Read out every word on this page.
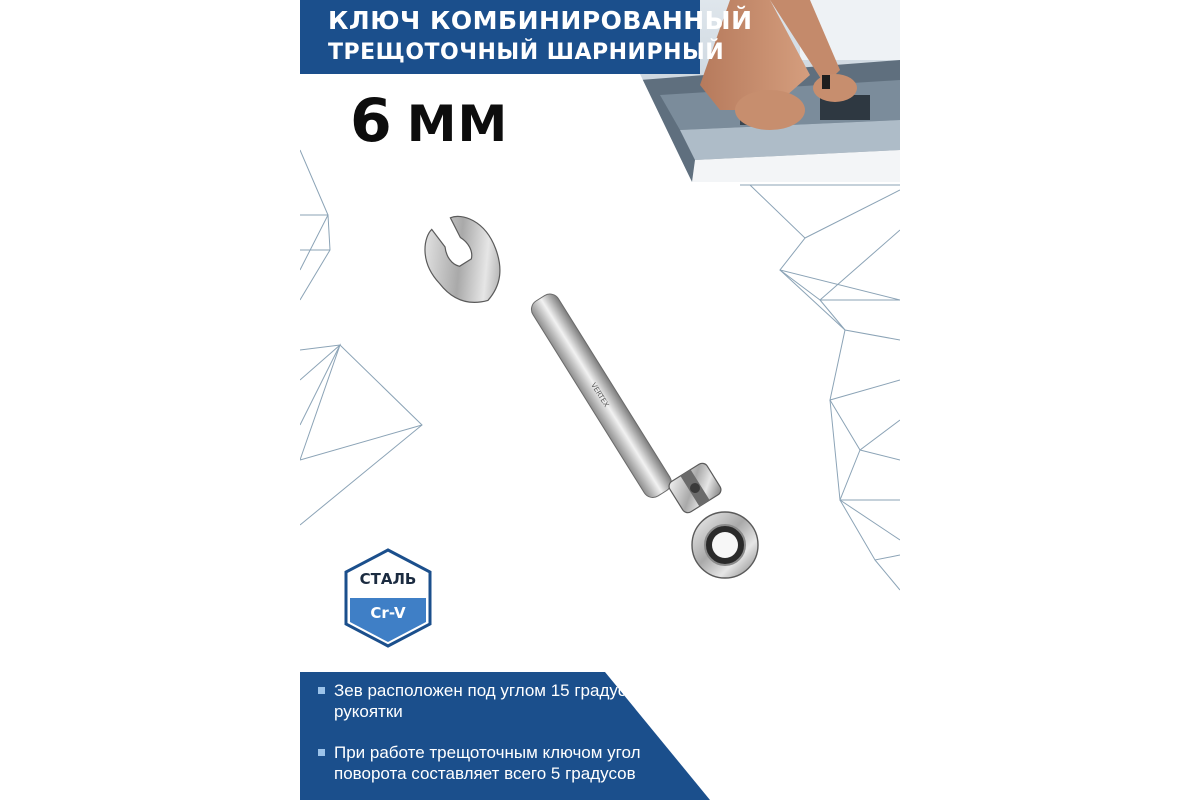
КЛЮЧ КОМБИНИРОВАННЫЙ
ТРЕЩОТОЧНЫЙ ШАРНИРНЫЙ
6 ММ
VERTEX
СТАЛЬ
Cr-V
Зев расположен под углом 15 градусов к оси рукоятки
При работе трещоточным ключом угол поворота составляет всего 5 градусов
